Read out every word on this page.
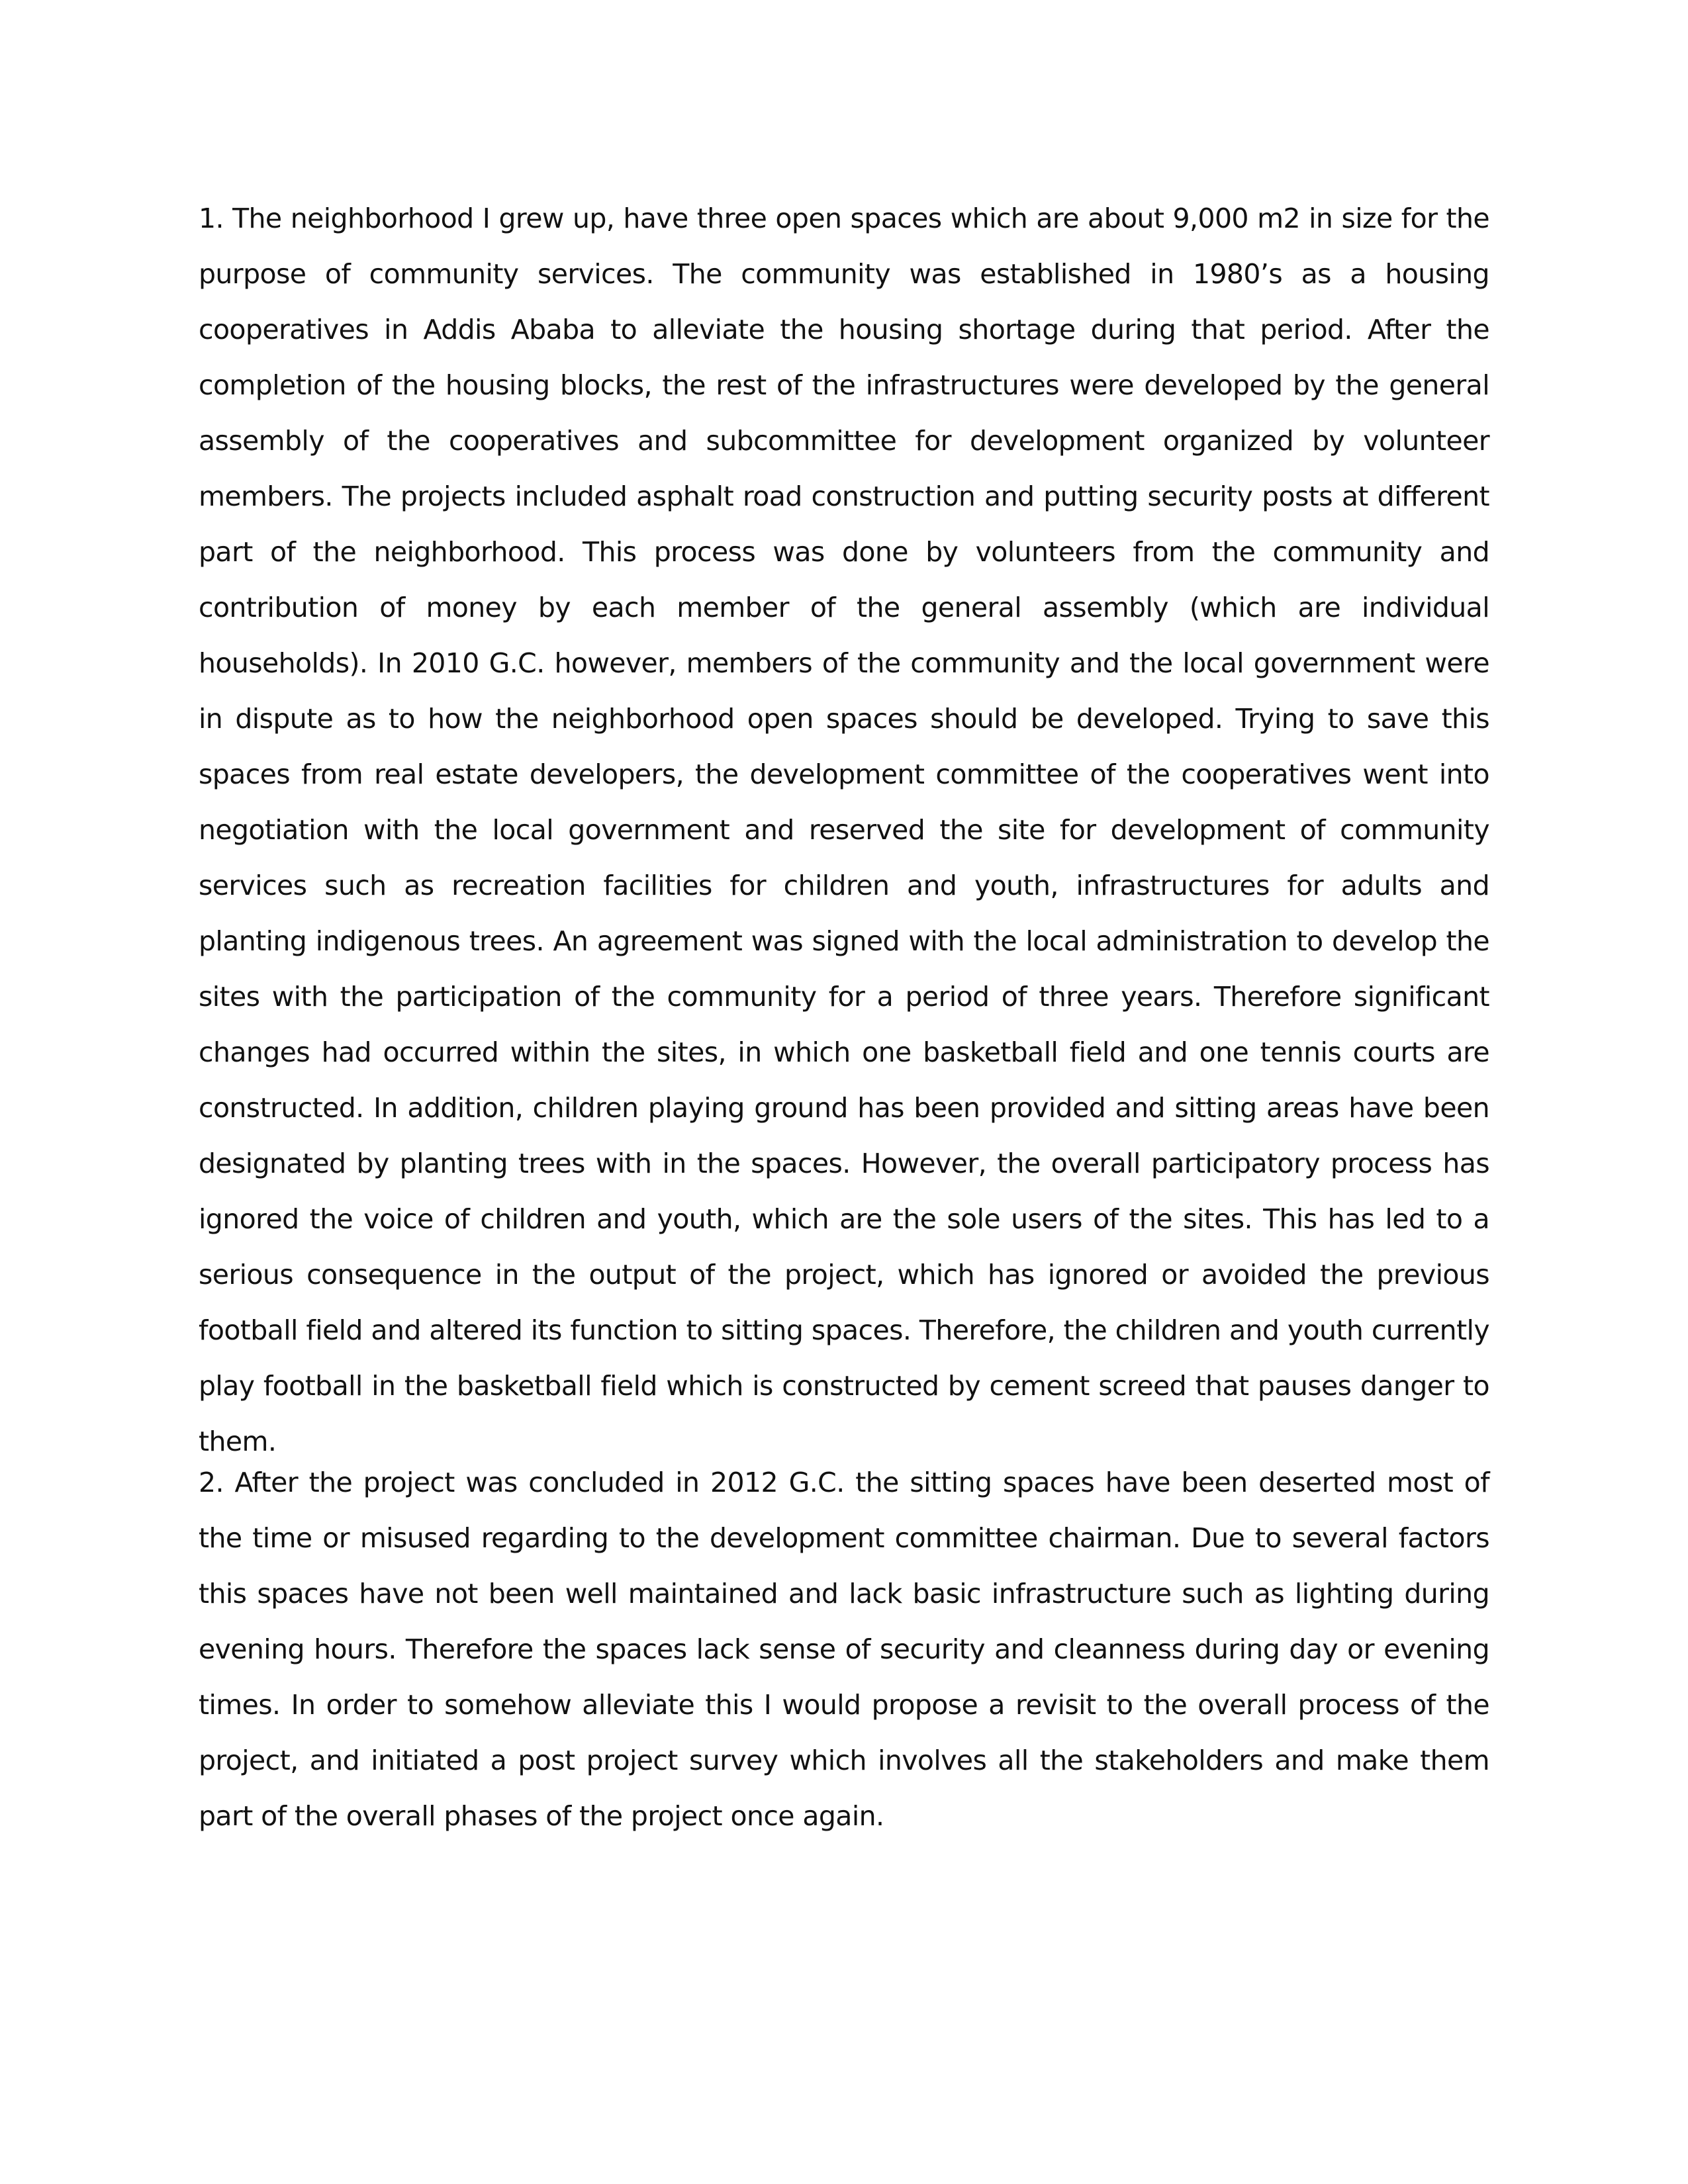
1. The neighborhood I grew up, have three open spaces which are about 9,000 m2 in size for the purpose of community services. The community was established in 1980’s as a housing cooperatives in Addis Ababa to alleviate the housing shortage during that period. After the completion of the housing blocks, the rest of the infrastructures were developed by the general assembly of the cooperatives and subcommittee for development organized by volunteer members. The projects included asphalt road construction and putting security posts at different part of the neighborhood. This process was done by volunteers from the community and contribution of money by each member of the general assembly (which are individual households). In 2010 G.C. however, members of the community and the local government were in dispute as to how the neighborhood open spaces should be developed. Trying to save this spaces from real estate developers, the development committee of the cooperatives went into negotiation with the local government and reserved the site for development of community services such as recreation facilities for children and youth, infrastructures for adults and planting indigenous trees. An agreement was signed with the local administration to develop the sites with the participation of the community for a period of three years. Therefore significant changes had occurred within the sites, in which one basketball field and one tennis courts are constructed. In addition, children playing ground has been provided and sitting areas have been designated by planting trees with in the spaces. However, the overall participatory process has ignored the voice of children and youth, which are the sole users of the sites. This has led to a serious consequence in the output of the project, which has ignored or avoided the previous football field and altered its function to sitting spaces. Therefore, the children and youth currently play football in the basketball field which is constructed by cement screed that pauses danger to them.

2. After the project was concluded in 2012 G.C. the sitting spaces have been deserted most of the time or misused regarding to the development committee chairman. Due to several factors this spaces have not been well maintained and lack basic infrastructure such as lighting during evening hours. Therefore the spaces lack sense of security and cleanness during day or evening times. In order to somehow alleviate this I would propose a revisit to the overall process of the project, and initiated a post project survey which involves all the stakeholders and make them part of the overall phases of the project once again.
